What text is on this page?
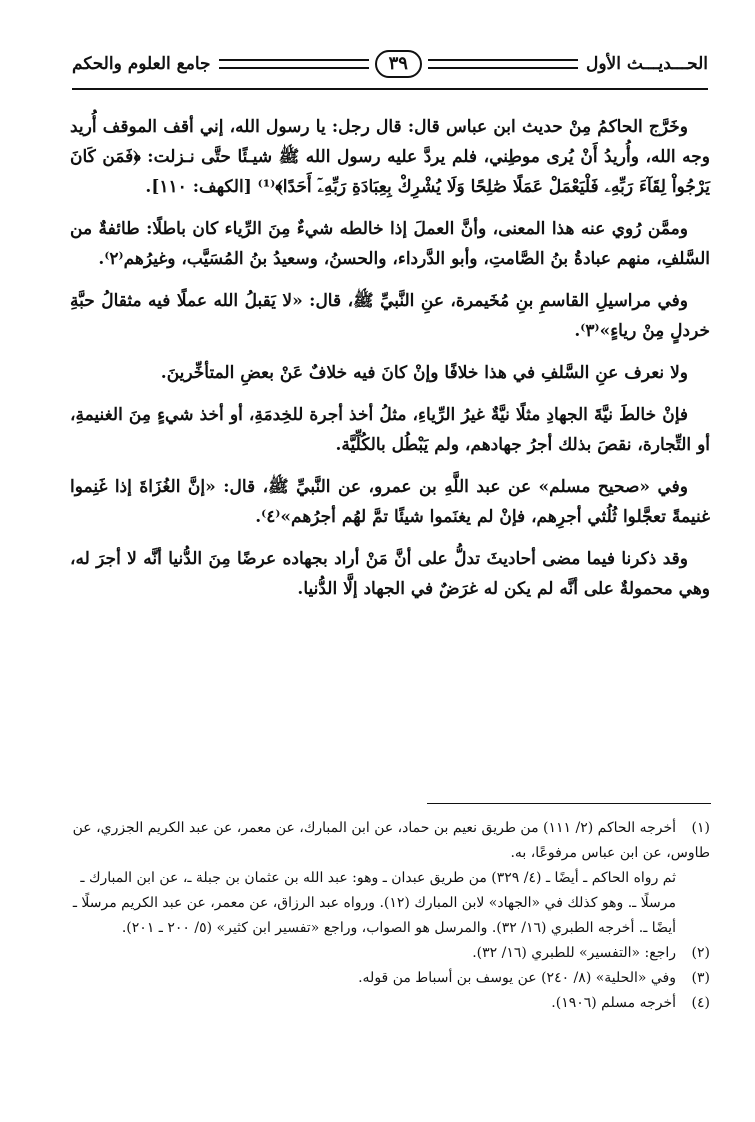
جامع العلوم والحكم	٣٩	الحـــديـــث الأول

وخَرَّج الحاكمُ مِنْ حديث ابن عباس قال: قال رجل: يا رسول الله، إني أقف الموقف أُريد وجه الله، وأُريدُ أَنْ يُرى موطِني، فلم يردَّ عليه رسول الله ﷺ شيـئًا حتَّى نـزلت: ﴿فَمَن كَانَ يَرْجُواْ لِقَآءَ رَبِّهِۦ فَلْيَعْمَلْ عَمَلًا صَٰلِحًا وَلَا يُشْرِكْ بِعِبَادَةِ رَبِّهِۦٓ أَحَدًا﴾⁽¹⁾ [الكهف: ١١٠].

وممَّن رُوي عنه هذا المعنى، وأنَّ العملَ إذا خالطه شيءٌ مِنَ الرِّياء كان باطلًا: طائفةٌ من السَّلفِ، منهم عبادةُ بنُ الصَّامتِ، وأبو الدَّرداء، والحسنُ، وسعيدُ بنُ المُسَيَّب، وغيرُهم⁽٢⁾.

وفي مراسيلِ القاسمِ بنِ مُخَيمرة، عنِ النَّبيِّ ﷺ، قال: «لا يَقبلُ الله عملًا فيه مثقالُ حبَّةِ خردلٍ مِنْ رياءٍ»⁽٣⁾.

ولا نعرف عنِ السَّلفِ في هذا خلافًا وإنْ كانَ فيه خلافٌ عَنْ بعضِ المتأخِّرينَ.

فإنْ خالطَ نيَّةَ الجهادِ مثلًا نيَّةٌ غيرُ الرِّياءِ، مثلُ أخذ أجرة للخِدمَةِ، أو أخذ شيءٍ مِنَ الغنيمةِ، أو التِّجارة، نقصَ بذلك أجرُ جهادهم، ولم يَبْطُل بالكُلِّيَّة.

وفي «صحيح مسلم» عن عبد اللَّهِ بن عمرو، عن النَّبيِّ ﷺ، قال: «إنَّ الغُزَاةَ إذا غَنِموا غنيمةً تعجَّلوا ثُلُثي أجرِهم، فإنْ لم يغنَموا شيئًا تمَّ لهُم أجرُهم»⁽٤⁾.

وقد ذكرنا فيما مضى أحاديثَ تدلُّ على أنَّ مَنْ أراد بجهاده عرضًا مِنَ الدُّنيا أنَّه لا أجرَ له، وهي محمولةٌ على أنَّه لم يكن له غرَضٌ في الجهاد إلَّا الدُّنيا.

(١)أخرجه الحاكم (٢/ ١١١) من طريق نعيم بن حماد، عن ابن المبارك، عن معمر، عن عبد الكريم الجزري، عن طاوس، عن ابن عباس مرفوعًا، به.

ثم رواه الحاكم ـ أيضًا ـ (٤/ ٣٢٩) من طريق عبدان ـ وهو: عبد الله بن عثمان بن جبلة ـ، عن ابن المبارك ـ مرسلًا ـ. وهو كذلك في «الجهاد» لابن المبارك (١٢). ورواه عبد الرزاق، عن معمر، عن عبد الكريم مرسلًا ـ أيضًا ـ. أخرجه الطبري (١٦/ ٣٢). والمرسل هو الصواب، وراجع «تفسير ابن كثير» (٥/ ٢٠٠ ـ ٢٠١).

(٢)راجع: «التفسير» للطبري (١٦/ ٣٢).

(٣)وفي «الحلية» (٨/ ٢٤٠) عن يوسف بن أسباط من قوله.

(٤)أخرجه مسلم (١٩٠٦).
